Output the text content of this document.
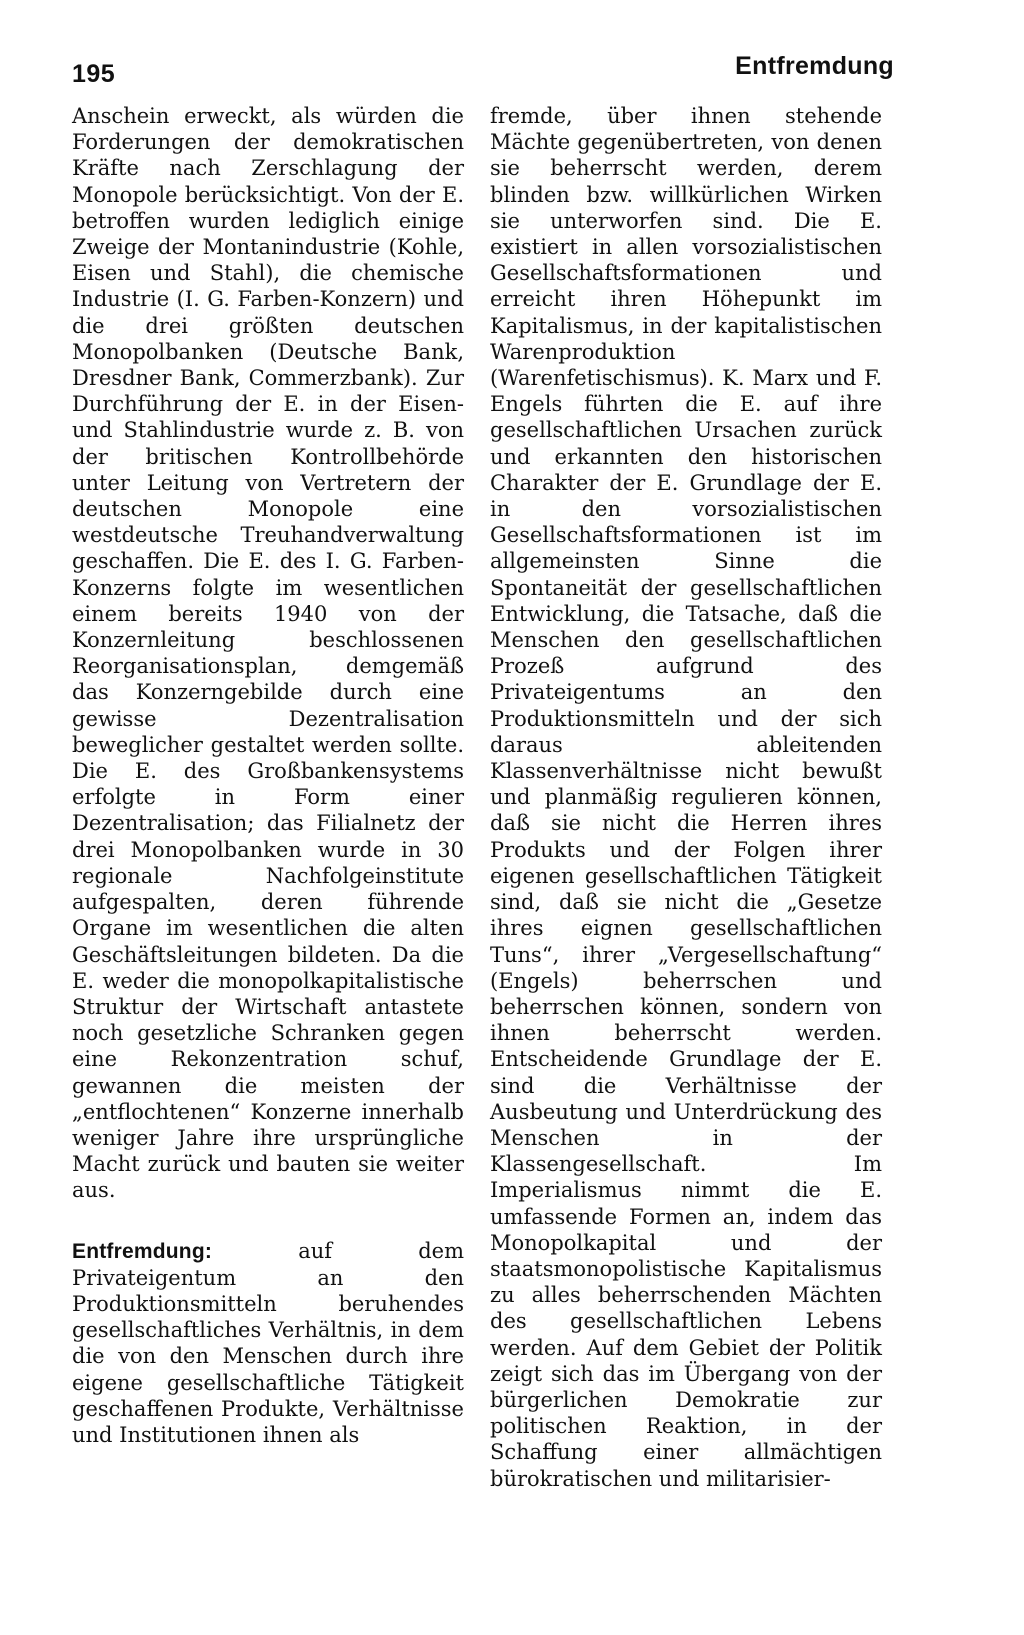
195	Entfremdung

Anschein erweckt, als würden die Forderungen der demokratischen Kräfte nach Zerschlagung der Monopole berücksichtigt. Von der E. betroffen wurden lediglich einige Zweige der Montanindustrie (Kohle, Eisen und Stahl), die chemische Industrie (I. G. Farben-Konzern) und die drei größten deutschen Monopolbanken (Deutsche Bank, Dresdner Bank, Commerzbank). Zur Durchführung der E. in der Eisen- und Stahlindustrie wurde z. B. von der britischen Kontrollbehörde unter Leitung von Vertretern der deutschen Monopole eine westdeutsche Treuhandverwaltung geschaffen. Die E. des I. G. Farben-Konzerns folgte im wesentlichen einem bereits 1940 von der Konzernleitung beschlossenen Reorganisationsplan, demgemäß das Konzerngebilde durch eine gewisse Dezentralisation beweglicher gestaltet werden sollte. Die E. des Großbankensystems erfolgte in Form einer Dezentralisation; das Filialnetz der drei Monopolbanken wurde in 30 regionale Nachfolgeinstitute aufgespalten, deren führende Organe im wesentlichen die alten Geschäftsleitungen bildeten. Da die E. weder die monopolkapitalistische Struktur der Wirtschaft antastete noch gesetzliche Schranken gegen eine Rekonzentration schuf, gewannen die meisten der „entflochtenen“ Konzerne innerhalb weniger Jahre ihre ursprüngliche Macht zurück und bauten sie weiter aus.

Entfremdung: auf dem Privateigentum an den Produktionsmitteln beruhendes gesellschaftliches Verhältnis, in dem die von den Menschen durch ihre eigene gesellschaftliche Tätigkeit geschaffenen Produkte, Verhältnisse und Institutionen ihnen als

fremde, über ihnen stehende Mächte gegenübertreten, von denen sie beherrscht werden, derem blinden bzw. willkürlichen Wirken sie unterworfen sind. Die E. existiert in allen vorsozialistischen Gesellschaftsformationen und erreicht ihren Höhepunkt im Kapitalismus, in der kapitalistischen Warenproduktion (Warenfetischismus). K. Marx und F. Engels führten die E. auf ihre gesellschaftlichen Ursachen zurück und erkannten den historischen Charakter der E. Grundlage der E. in den vorsozialistischen Gesellschaftsformationen ist im allgemeinsten Sinne die Spontaneität der gesellschaftlichen Entwicklung, die Tatsache, daß die Menschen den gesellschaftlichen Prozeß aufgrund des Privateigentums an den Produktionsmitteln und der sich daraus ableitenden Klassenverhältnisse nicht bewußt und planmäßig regulieren können, daß sie nicht die Herren ihres Produkts und der Folgen ihrer eigenen gesellschaftlichen Tätigkeit sind, daß sie nicht die „Gesetze ihres eignen gesellschaftlichen Tuns“, ihrer „Vergesellschaftung“ (Engels) beherrschen und beherrschen können, sondern von ihnen beherrscht werden. Entscheidende Grundlage der E. sind die Verhältnisse der Ausbeutung und Unterdrückung des Menschen in der Klassengesellschaft. Im Imperialismus nimmt die E. umfassende Formen an, indem das Monopolkapital und der staatsmonopolistische Kapitalismus zu alles beherrschenden Mächten des gesellschaftlichen Lebens werden. Auf dem Gebiet der Politik zeigt sich das im Übergang von der bürgerlichen Demokratie zur politischen Reaktion, in der Schaffung einer allmächtigen bürokratischen und militarisier-
